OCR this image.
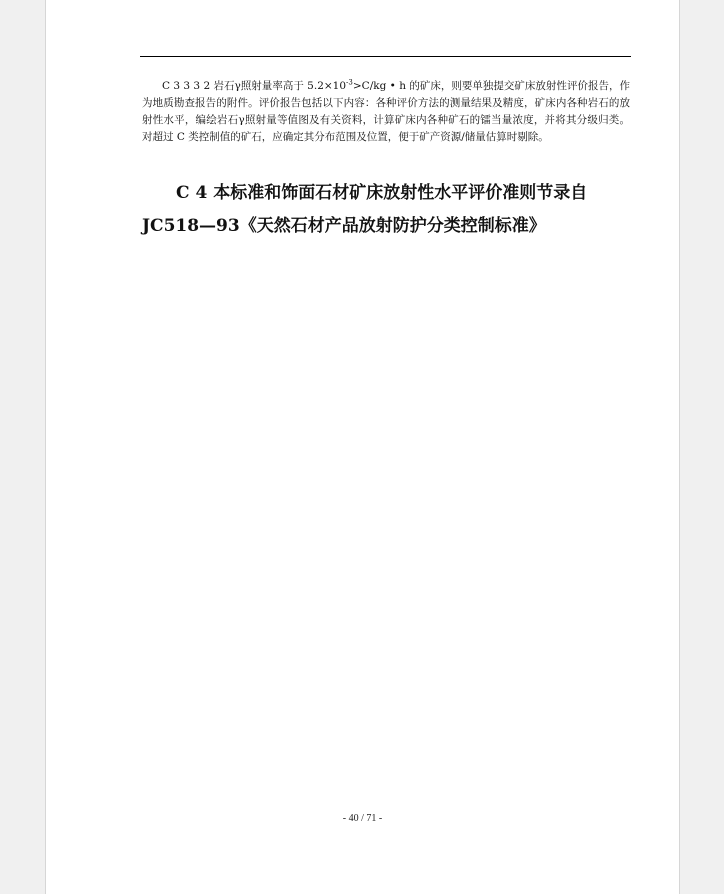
C 3 3 3 2 岩石γ照射量率高于 $5.2\times 10^{-3}>C/kg$ • h 的矿床，则要单独提交矿床放射性评价报告，作为地质勘查报告的附件。评价报告包括以下内容：各种评价方法的测量结果及精度，矿床内各种岩石的放射性水平，编绘岩石γ照射量等值图及有关资料，计算矿床内各种矿石的镭当量浓度，并将其分级归类。对超过 C 类控制值的矿石，应确定其分布范围及位置，便于矿产资源/储量估算时剔除。

C 4 本标准和饰面石材矿床放射性水平评价准则节录自 JC518—93《天然石材产品放射防护分类控制标准》

- 40 / 71 -
